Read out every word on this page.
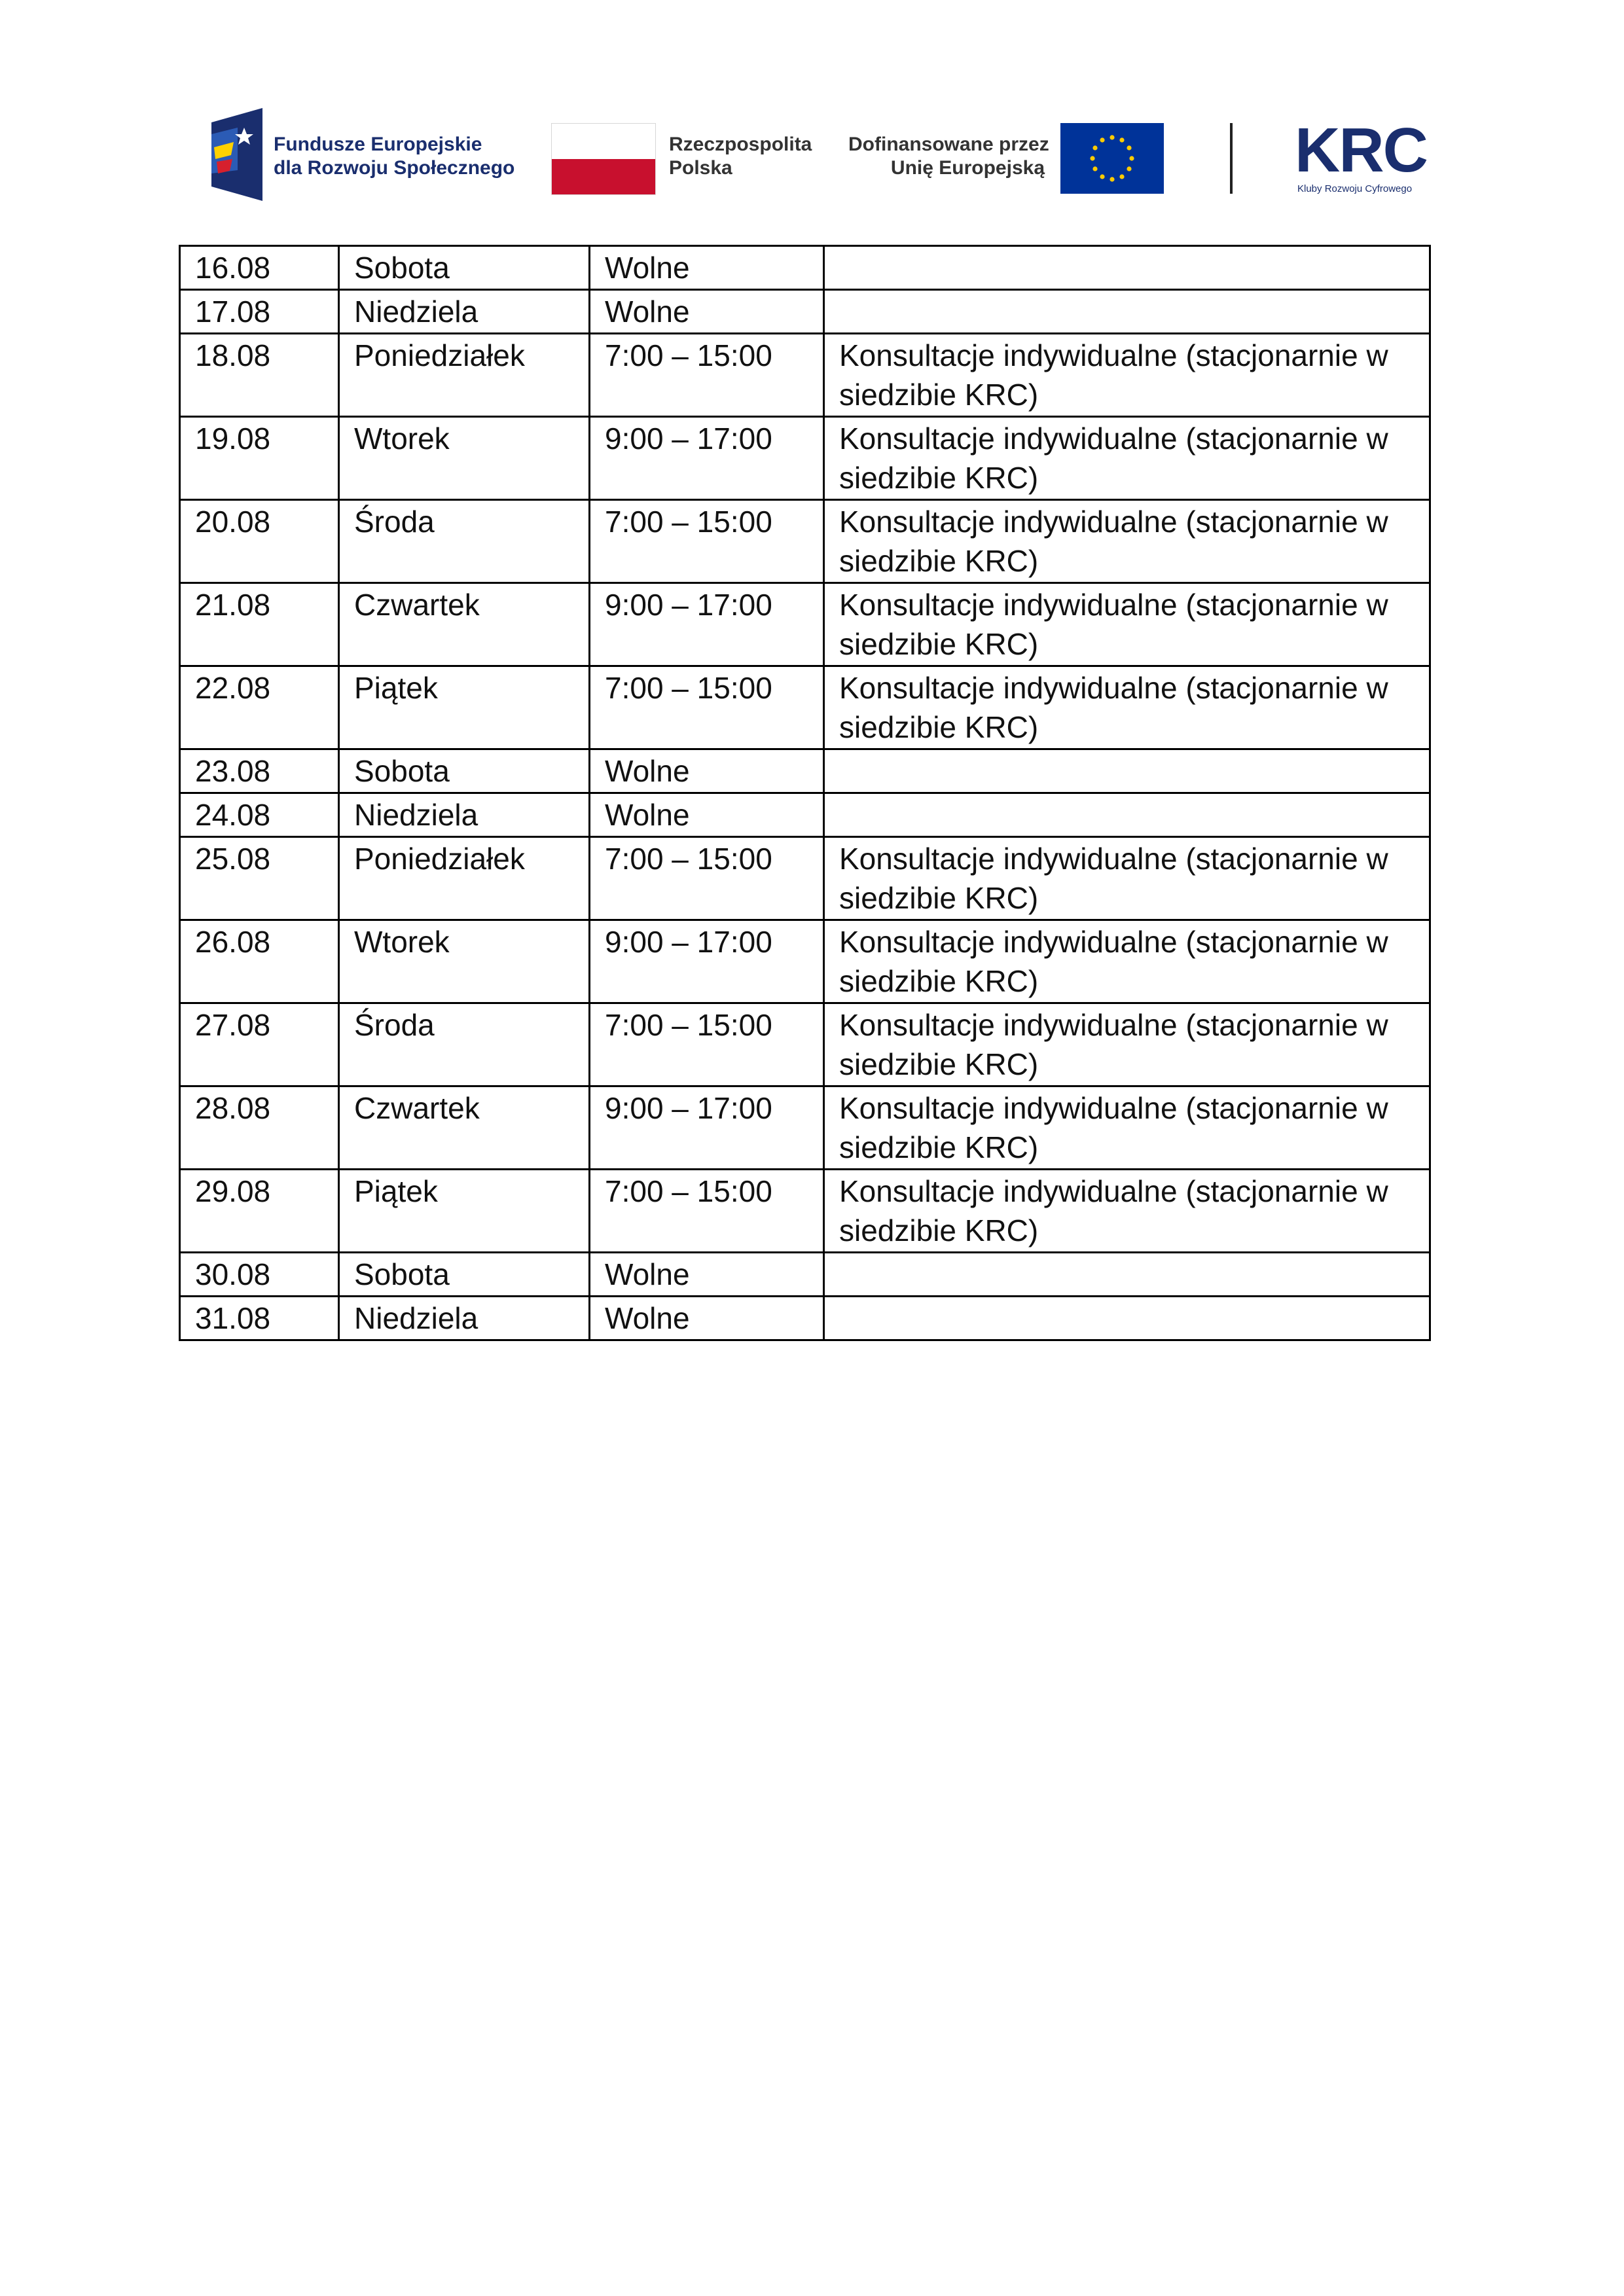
Fundusze Europejskie
dla Rozwoju Społecznego
Rzeczpospolita
Polska
Dofinansowane przez
Unię Europejską	KRC
Kluby Rozwoju Cyfrowego
16.08	Sobota	Wolne	
17.08	Niedziela	Wolne	
18.08	Poniedziałek	7:00 – 15:00	Konsultacje indywidualne (stacjonarnie w siedzibie KRC)
19.08	Wtorek	9:00 – 17:00	Konsultacje indywidualne (stacjonarnie w siedzibie KRC)
20.08	Środa	7:00 – 15:00	Konsultacje indywidualne (stacjonarnie w siedzibie KRC)
21.08	Czwartek	9:00 – 17:00	Konsultacje indywidualne (stacjonarnie w siedzibie KRC)
22.08	Piątek	7:00 – 15:00	Konsultacje indywidualne (stacjonarnie w siedzibie KRC)
23.08	Sobota	Wolne	
24.08	Niedziela	Wolne	
25.08	Poniedziałek	7:00 – 15:00	Konsultacje indywidualne (stacjonarnie w siedzibie KRC)
26.08	Wtorek	9:00 – 17:00	Konsultacje indywidualne (stacjonarnie w siedzibie KRC)
27.08	Środa	7:00 – 15:00	Konsultacje indywidualne (stacjonarnie w siedzibie KRC)
28.08	Czwartek	9:00 – 17:00	Konsultacje indywidualne (stacjonarnie w siedzibie KRC)
29.08	Piątek	7:00 – 15:00	Konsultacje indywidualne (stacjonarnie w siedzibie KRC)
30.08	Sobota	Wolne	
31.08	Niedziela	Wolne	
